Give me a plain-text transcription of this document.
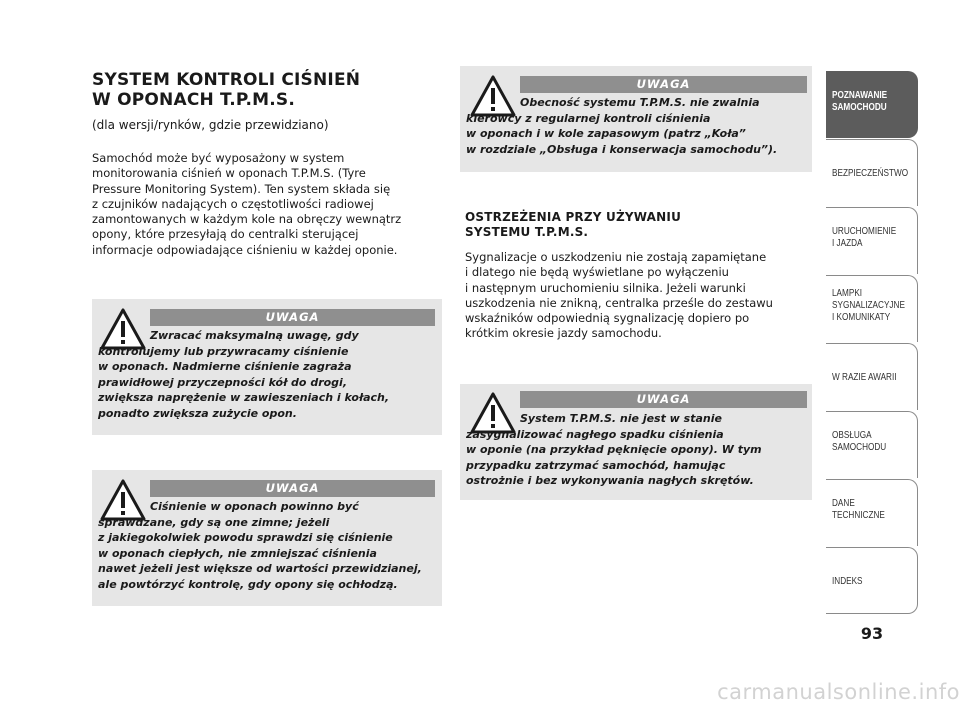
SYSTEM KONTROLI CIŚNIEŃ
W OPONACH T.P.M.S.

(dla wersji/rynków, gdzie przewidziano)

Samochód może być wyposażony w system
monitorowania ciśnień w oponach T.P.M.S. (Tyre
Pressure Monitoring System). Ten system składa się
z czujników nadających o częstotliwości radiowej
zamontowanych w każdym kole na obręczy wewnątrz
opony, które przesyłają do centralki sterującej
informacje odpowiadające ciśnieniu w każdej oponie.

UWAGA

Zwracać maksymalną uwagę, gdy
kontrolujemy lub przywracamy ciśnienie
w oponach. Nadmierne ciśnienie zagraża
prawidłowej przyczepności kół do drogi,
zwiększa naprężenie w zawieszeniach i kołach,
ponadto zwiększa zużycie opon.

UWAGA

Ciśnienie w oponach powinno być
sprawdzane, gdy są one zimne; jeżeli
z jakiegokolwiek powodu sprawdzi się ciśnienie
w oponach ciepłych, nie zmniejszać ciśnienia
nawet jeżeli jest większe od wartości przewidzianej,
ale powtórzyć kontrolę, gdy opony się ochłodzą.

UWAGA

Obecność systemu T.P.M.S. nie zwalnia
kierowcy z regularnej kontroli ciśnienia
w oponach i w kole zapasowym (patrz „Koła”
w rozdziale „Obsługa i konserwacja samochodu”).

OSTRZEŻENIA PRZY UŻYWANIU
SYSTEMU T.P.M.S.

Sygnalizacje o uszkodzeniu nie zostają zapamiętane
i dlatego nie będą wyświetlane po wyłączeniu
i następnym uruchomieniu silnika. Jeżeli warunki
uszkodzenia nie znikną, centralka prześle do zestawu
wskaźników odpowiednią sygnalizację dopiero po
krótkim okresie jazdy samochodu.

UWAGA

System T.P.M.S. nie jest w stanie
zasygnalizować nagłego spadku ciśnienia
w oponie (na przykład pęknięcie opony). W tym
przypadku zatrzymać samochód, hamując
ostrożnie i bez wykonywania nagłych skrętów.

POZNAWANIE
SAMOCHODU

BEZPIECZEŃSTWO

URUCHOMIENIE
I JAZDA

LAMPKI
SYGNALIZACYJNE
I KOMUNIKATY

W RAZIE AWARII

OBSŁUGA
SAMOCHODU

DANE
TECHNICZNE

INDEKS

93

carmanualsonline.info
